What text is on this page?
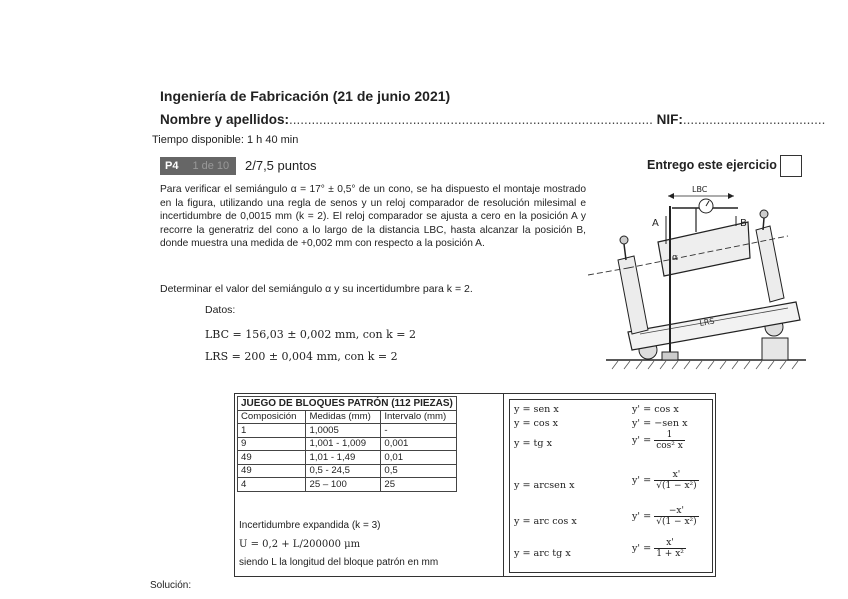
Ingeniería de Fabricación (21 de junio 2021)
Nombre y apellidos:................................................................................................. NIF:......................................
Tiempo disponible: 1 h 40 min
P4 1 de 10	2/7,5 puntos	Entrego este ejercicio
Para verificar el semiángulo α = 17° ± 0,5° de un cono, se ha dispuesto el montaje mostrado en la figura, utilizando una regla de senos y un reloj comparador de resolución milesimal e incertidumbre de 0,0015 mm (k = 2). El reloj comparador se ajusta a cero en la posición A y recorre la generatriz del cono a lo largo de la distancia LBC, hasta alcanzar la posición B, donde muestra una medida de +0,002 mm con respecto a la posición A.
Determinar el valor del semiángulo α y su incertidumbre para k = 2.
Datos:
LBC = 156,03 ± 0,002 mm, con k = 2
LRS = 200 ± 0,004 mm, con k = 2
LRS
α
A	B
LBC
JUEGO DE BLOQUES PATRÓN (112 PIEZAS)		
Composición	Medidas (mm)	Intervalo (mm)
1	1,0005	-
9	1,001 - 1,009	0,001
49	1,01 - 1,49	0,01
49	0,5 - 24,5	0,5
4	25 – 100	25
Incertidumbre expandida (k = 3)
U = 0,2 + L/200000 μm
siendo L la longitud del bloque patrón en mm
y = sen x	y' = cos x
y = cos x	y' = −sen x
y = tg x	$y' = \frac{1}{\text{cos² x}}$
y = arcsen x	$y' = \frac{x'}{\text{√(1 − x²)}}$
y = arc cos x	$y' = \frac{-x'}{\text{√(1 − x²)}}$
y = arc tg x	$y' = \frac{x'}{\text{1 + x²}}$
Solución:
